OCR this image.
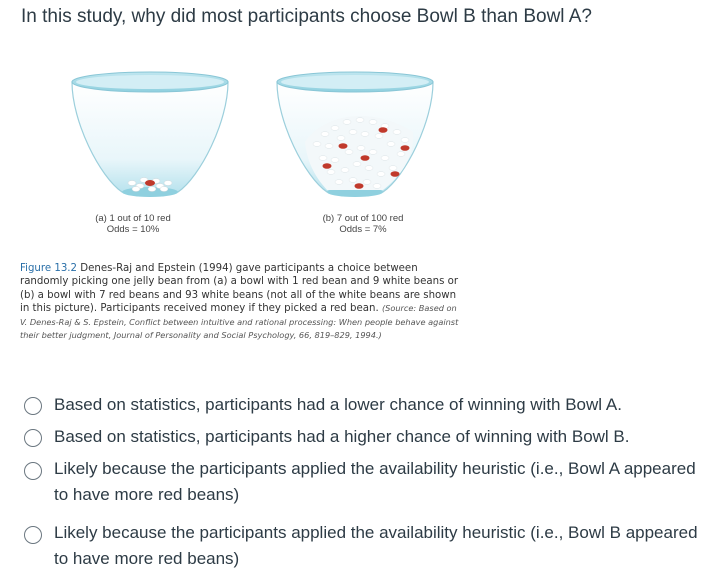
In this study, why did most participants choose Bowl B than Bowl A?
(a) 1 out of 10 red
Odds = 10%
(b) 7 out of 100 red
Odds = 7%
Figure 13.2 Denes-Raj and Epstein (1994) gave participants a choice between randomly picking one jelly bean from (a) a bowl with 1 red bean and 9 white beans or (b) a bowl with 7 red beans and 93 white beans (not all of the white beans are shown in this picture). Participants received money if they picked a red bean. (Source: Based on V. Denes-Raj & S. Epstein, Conflict between intuitive and rational processing: When people behave against their better judgment, Journal of Personality and Social Psychology, 66, 819–829, 1994.)
Based on statistics, participants had a lower chance of winning with Bowl A.
Based on statistics, participants had a higher chance of winning with Bowl B.
Likely because the participants applied the availability heuristic (i.e., Bowl A appeared to have more red beans)
Likely because the participants applied the availability heuristic (i.e., Bowl B appeared to have more red beans)
